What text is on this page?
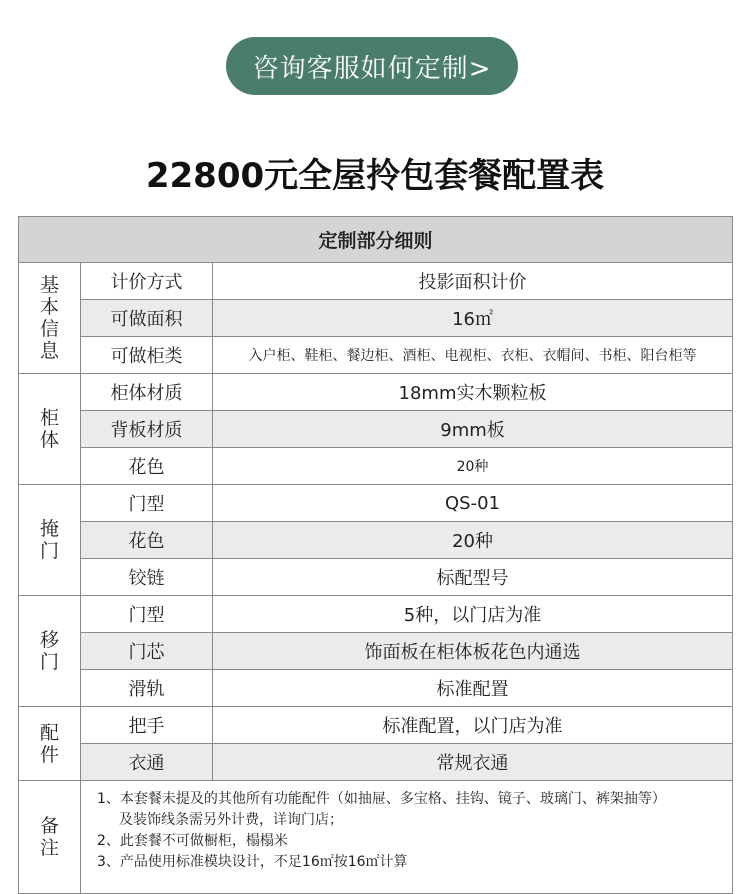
咨询客服如何定制>
22800元全屋拎包套餐配置表
定制部分细则		

基本信息	计价方式	投影面积计价
	可做面积	16㎡
	可做柜类	入户柜、鞋柜、餐边柜、酒柜、电视柜、衣柜、衣帽间、书柜、阳台柜等

柜体	柜体材质	18mm实木颗粒板
	背板材质	9mm板
	花色	20种

掩门	门型	QS-01
	花色	20种
	铰链	标配型号

移门	门型	5种，以门店为准
	门芯	饰面板在柜体板花色内通选
	滑轨	标准配置

配件	把手	标准配置，以门店为准
	衣通	常规衣通

备注	1、本套餐未提及的其他所有功能配件（如抽屉、多宝格、挂钩、镜子、玻璃门、裤架抽等）
及装饰线条需另外计费，详询门店；
2、此套餐不可做橱柜，榻榻米
3、产品使用标准模块设计，不足16㎡按16㎡计算	
